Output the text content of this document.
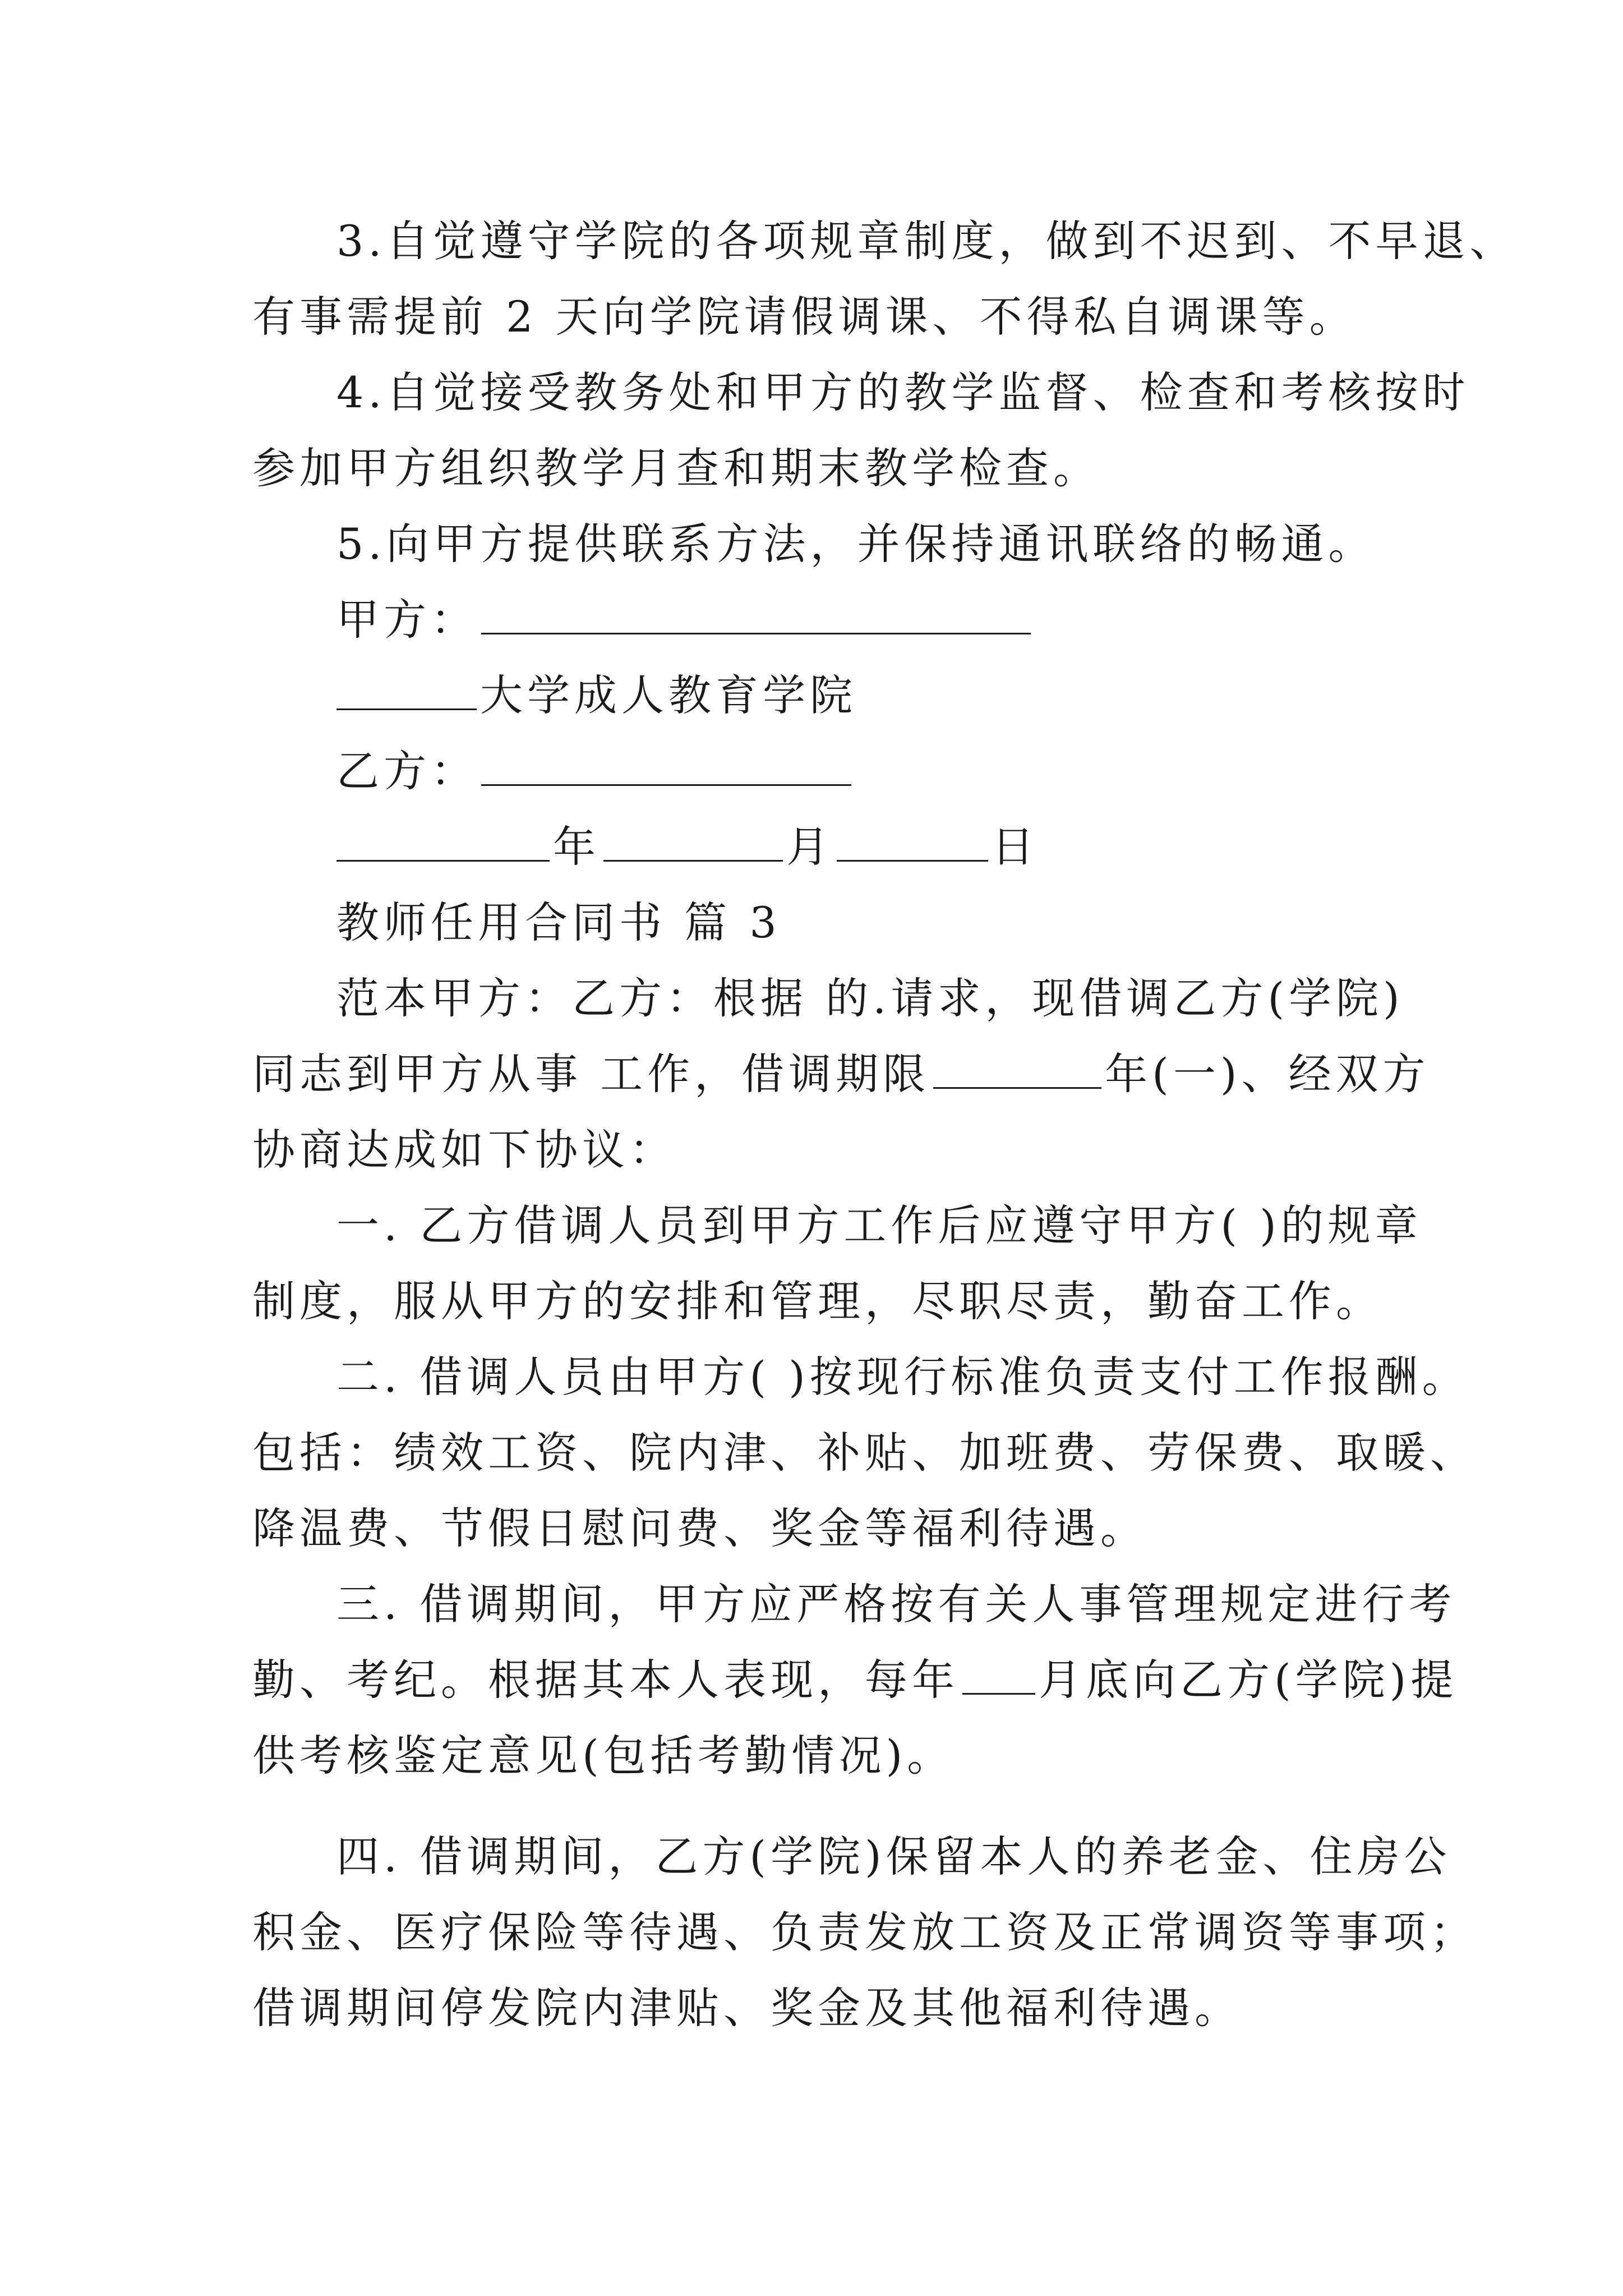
3.自觉遵守学院的各项规章制度，做到不迟到、不早退、
有事需提前 2 天向学院请假调课、不得私自调课等。
4.自觉接受教务处和甲方的教学监督、检查和考核按时
参加甲方组织教学月查和期末教学检查。
5.向甲方提供联系方法，并保持通讯联络的畅通。
甲方：
大学成人教育学院
乙方：
年	月	日
教师任用合同书 篇 3
范本甲方：乙方：根据 的.请求，现借调乙方(学院)
同志到甲方从事 工作，借调期限	年(一)、经双方
协商达成如下协议：
一. 乙方借调人员到甲方工作后应遵守甲方( )的规章
制度，服从甲方的安排和管理，尽职尽责，勤奋工作。
二. 借调人员由甲方( )按现行标准负责支付工作报酬。
包括：绩效工资、院内津、补贴、加班费、劳保费、取暖、
降温费、节假日慰问费、奖金等福利待遇。
三. 借调期间，甲方应严格按有关人事管理规定进行考
勤、考纪。根据其本人表现，每年 月底向乙方(学院)提
供考核鉴定意见(包括考勤情况)。
四. 借调期间，乙方(学院)保留本人的养老金、住房公
积金、医疗保险等待遇、负责发放工资及正常调资等事项；
借调期间停发院内津贴、奖金及其他福利待遇。
